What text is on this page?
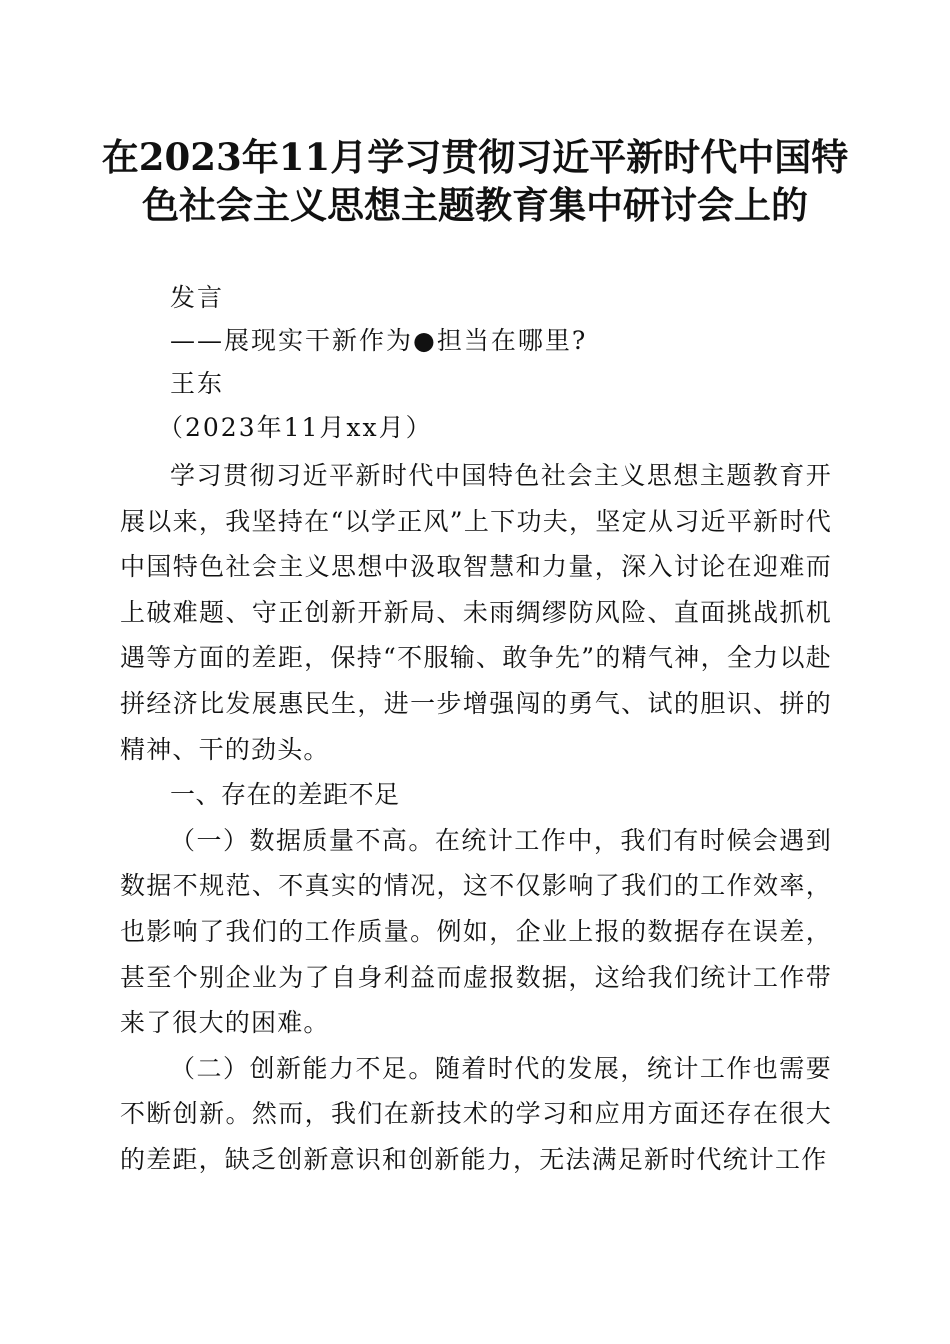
在2023年11月学习贯彻习近平新时代中国特色社会主义思想主题教育集中研讨会上的
发言
——展现实干新作为●担当在哪里?
王东
（2023年11月xx月）

学习贯彻习近平新时代中国特色社会主义思想主题教育开展以来，我坚持在“以学正风”上下功夫，坚定从习近平新时代中国特色社会主义思想中汲取智慧和力量，深入讨论在迎难而上破难题、守正创新开新局、未雨绸缪防风险、直面挑战抓机遇等方面的差距，保持“不服输、敢争先”的精气神，全力以赴拼经济比发展惠民生，进一步增强闯的勇气、试的胆识、拼的精神、干的劲头。

一、存在的差距不足

（一）数据质量不高。在统计工作中，我们有时候会遇到数据不规范、不真实的情况，这不仅影响了我们的工作效率，也影响了我们的工作质量。例如，企业上报的数据存在误差，甚至个别企业为了自身利益而虚报数据，这给我们统计工作带来了很大的困难。

（二）创新能力不足。随着时代的发展，统计工作也需要不断创新。然而，我们在新技术的学习和应用方面还存在很大的差距，缺乏创新意识和创新能力，无法满足新时代统计工作
